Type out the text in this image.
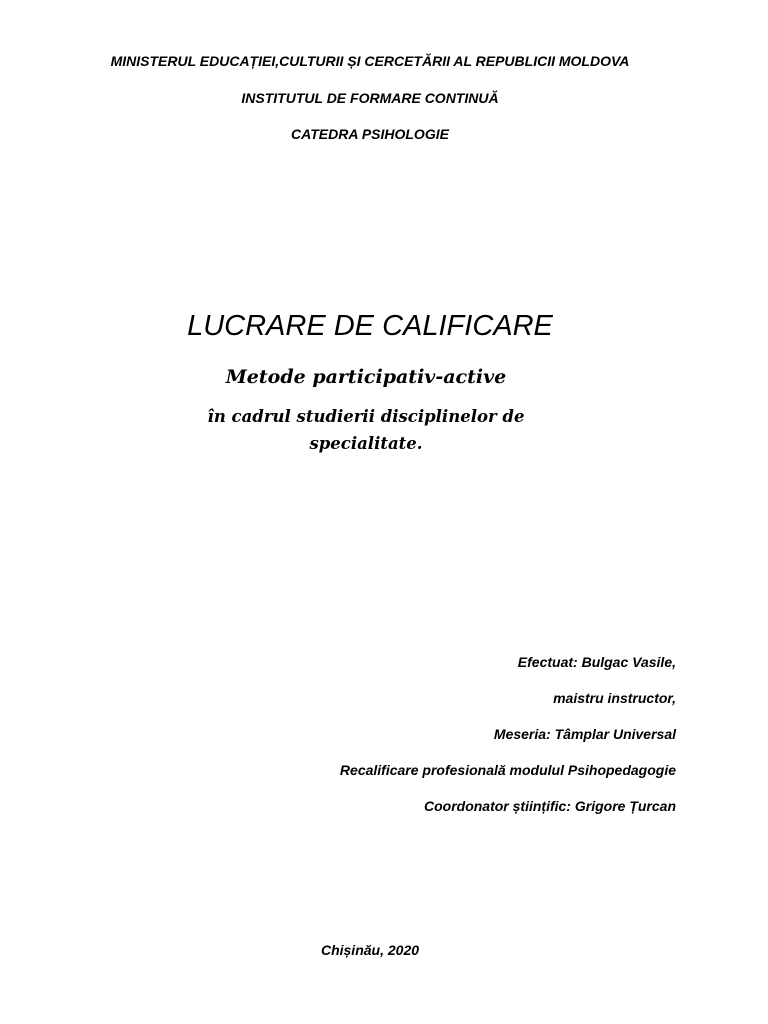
MINISTERUL EDUCAȚIEI,CULTURII ȘI CERCETĂRII AL REPUBLICII MOLDOVA
INSTITUTUL DE FORMARE CONTINUĂ
CATEDRA PSIHOLOGIE
LUCRARE DE CALIFICARE
Metode participativ-active
în cadrul studierii disciplinelor de
specialitate.
Efectuat: Bulgac Vasile,
maistru instructor,
Meseria: Tâmplar Universal
Recalificare profesională modulul Psihopedagogie
Coordonator științific: Grigore Țurcan
Chișinău, 2020
